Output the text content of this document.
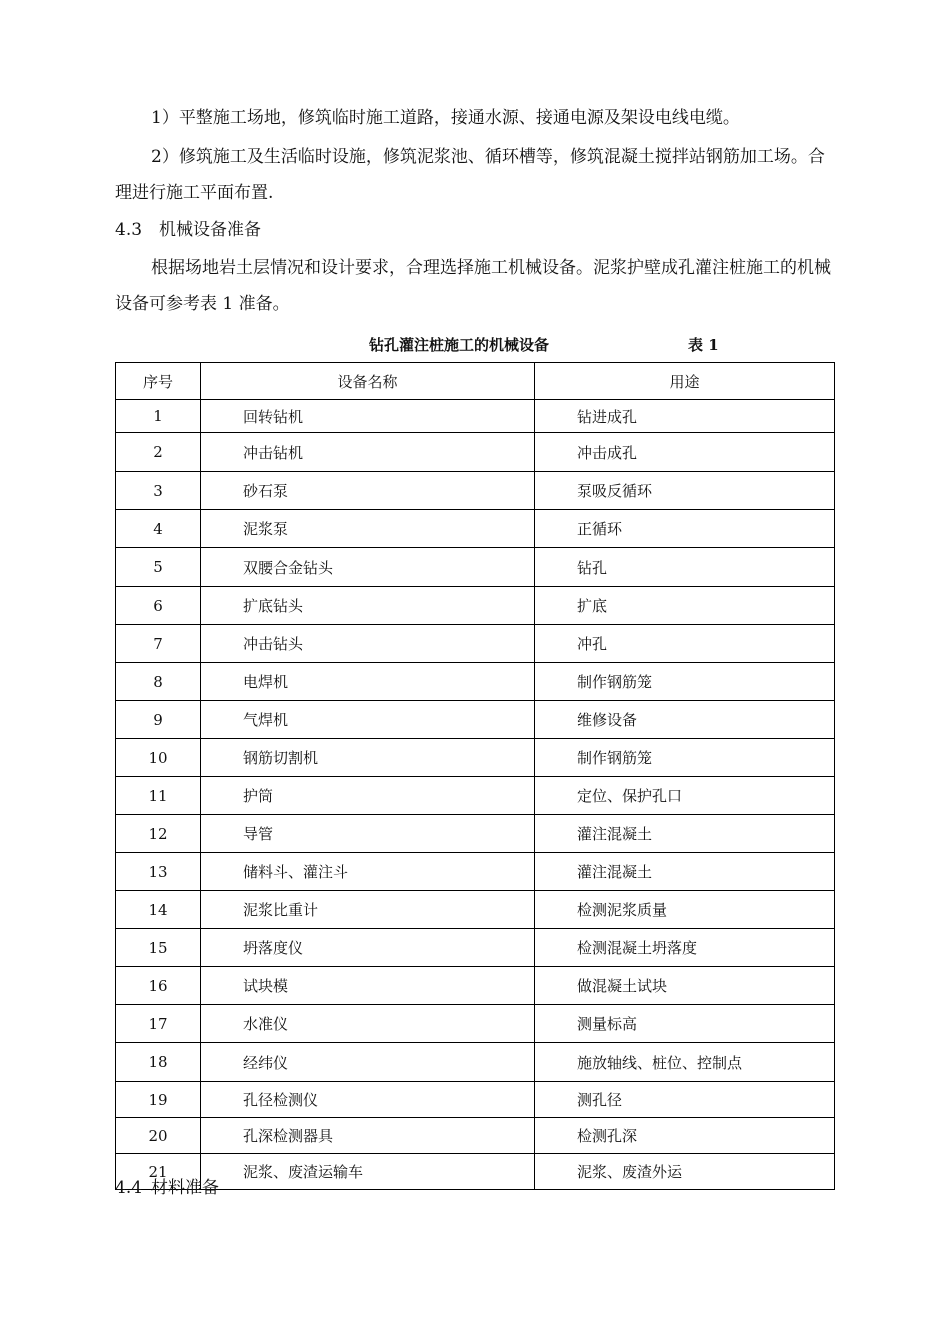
1）平整施工场地，修筑临时施工道路，接通水源、接通电源及架设电线电缆。

2）修筑施工及生活临时设施，修筑泥浆池、循环槽等，修筑混凝土搅拌站钢筋加工场。合理进行施工平面布置.

4.3 机械设备准备

根据场地岩土层情况和设计要求，合理选择施工机械设备。泥浆护壁成孔灌注桩施工的机械设备可参考表 1 准备。

钻孔灌注桩施工的机械设备	表 1
序号	设备名称	用途
1	回转钻机	钻进成孔
2	冲击钻机	冲击成孔
3	砂石泵	泵吸反循环
4	泥浆泵	正循环
5	双腰合金钻头	钻孔
6	扩底钻头	扩底
7	冲击钻头	冲孔
8	电焊机	制作钢筋笼
9	气焊机	维修设备
10	钢筋切割机	制作钢筋笼
11	护筒	定位、保护孔口
12	导管	灌注混凝土
13	储料斗、灌注斗	灌注混凝土
14	泥浆比重计	检测泥浆质量
15	坍落度仪	检测混凝土坍落度
16	试块模	做混凝土试块
17	水准仪	测量标高
18	经纬仪	施放轴线、桩位、控制点
19	孔径检测仪	测孔径
20	孔深检测器具	检测孔深
21	泥浆、废渣运输车	泥浆、废渣外运
4.4 材料准备
